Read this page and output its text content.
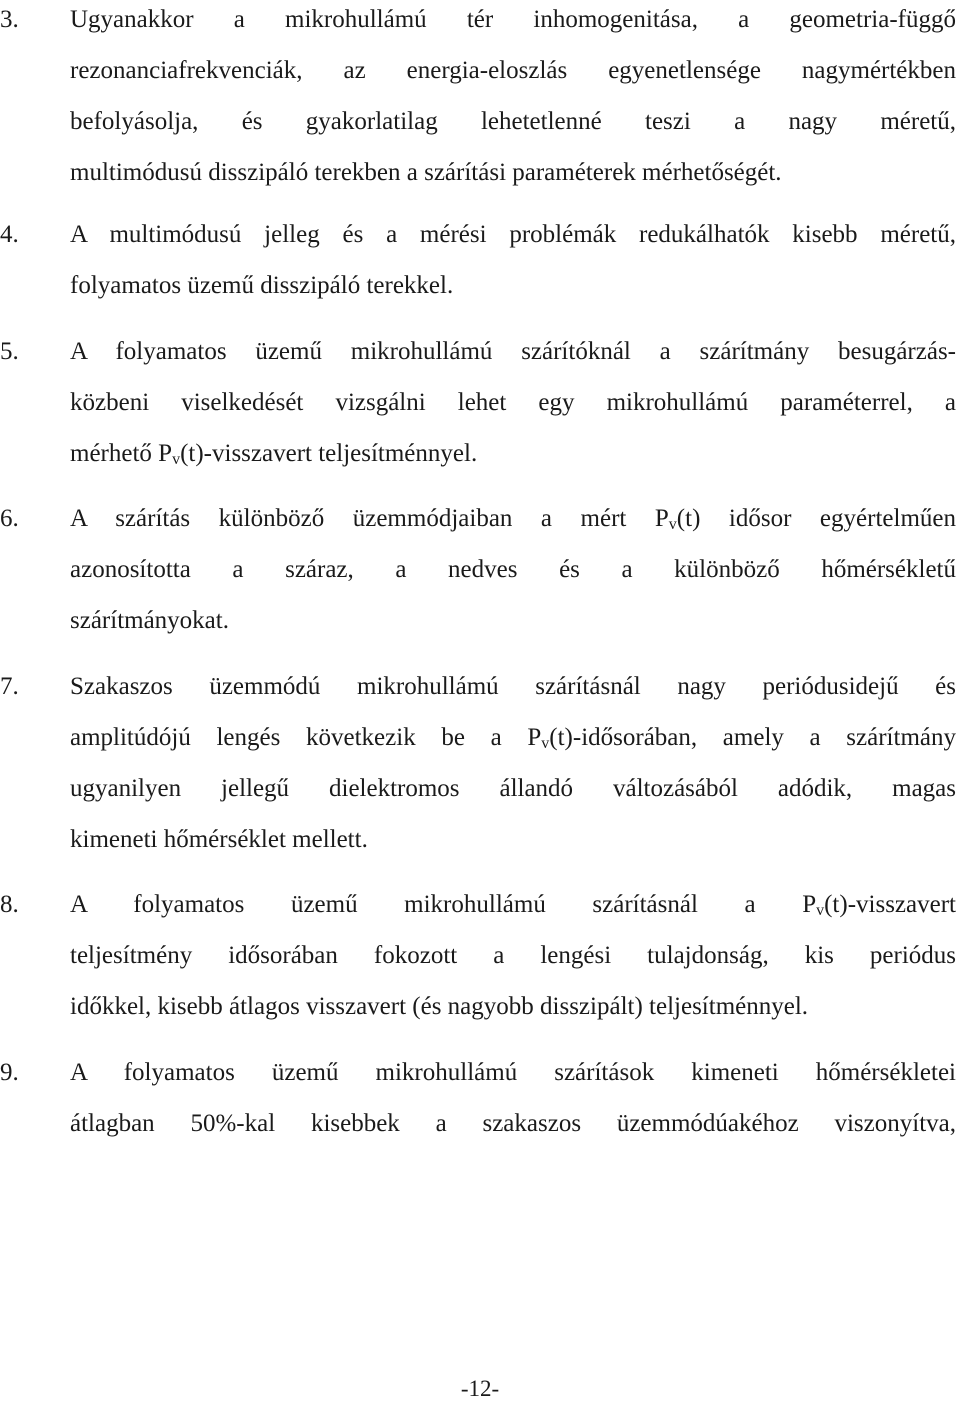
3.	Ugyanakkor a mikrohullámú tér inhomogenitása, a geometria-függő
rezonanciafrekvenciák, az energia-eloszlás egyenetlensége nagymértékben
befolyásolja, és gyakorlatilag lehetetlenné teszi a nagy méretű,
multimódusú disszipáló terekben a szárítási paraméterek mérhetőségét.
4.	A multimódusú jelleg és a mérési problémák redukálhatók kisebb méretű,
folyamatos üzemű disszipáló terekkel.
5.	A folyamatos üzemű mikrohullámú szárítóknál a szárítmány besugárzás-
közbeni viselkedését vizsgálni lehet egy mikrohullámú paraméterrel, a
mérhető Pv(t)-visszavert teljesítménnyel.
6.	A szárítás különböző üzemmódjaiban a mért Pv(t) idősor egyértelműen
azonosította a száraz, a nedves és a különböző hőmérsékletű
szárítmányokat.
7.	Szakaszos üzemmódú mikrohullámú szárításnál nagy periódusidejű és
amplitúdójú lengés következik be a Pv(t)-idősorában, amely a szárítmány
ugyanilyen jellegű dielektromos állandó változásából adódik, magas
kimeneti hőmérséklet mellett.
8.	A folyamatos üzemű mikrohullámú szárításnál a Pv(t)-visszavert
teljesítmény idősorában fokozott a lengési tulajdonság, kis periódus
időkkel, kisebb átlagos visszavert (és nagyobb disszipált) teljesítménnyel.
9.	A folyamatos üzemű mikrohullámú szárítások kimeneti hőmérsékletei
átlagban 50%-kal kisebbek a szakaszos üzemmódúakéhoz viszonyítva,
-12-
